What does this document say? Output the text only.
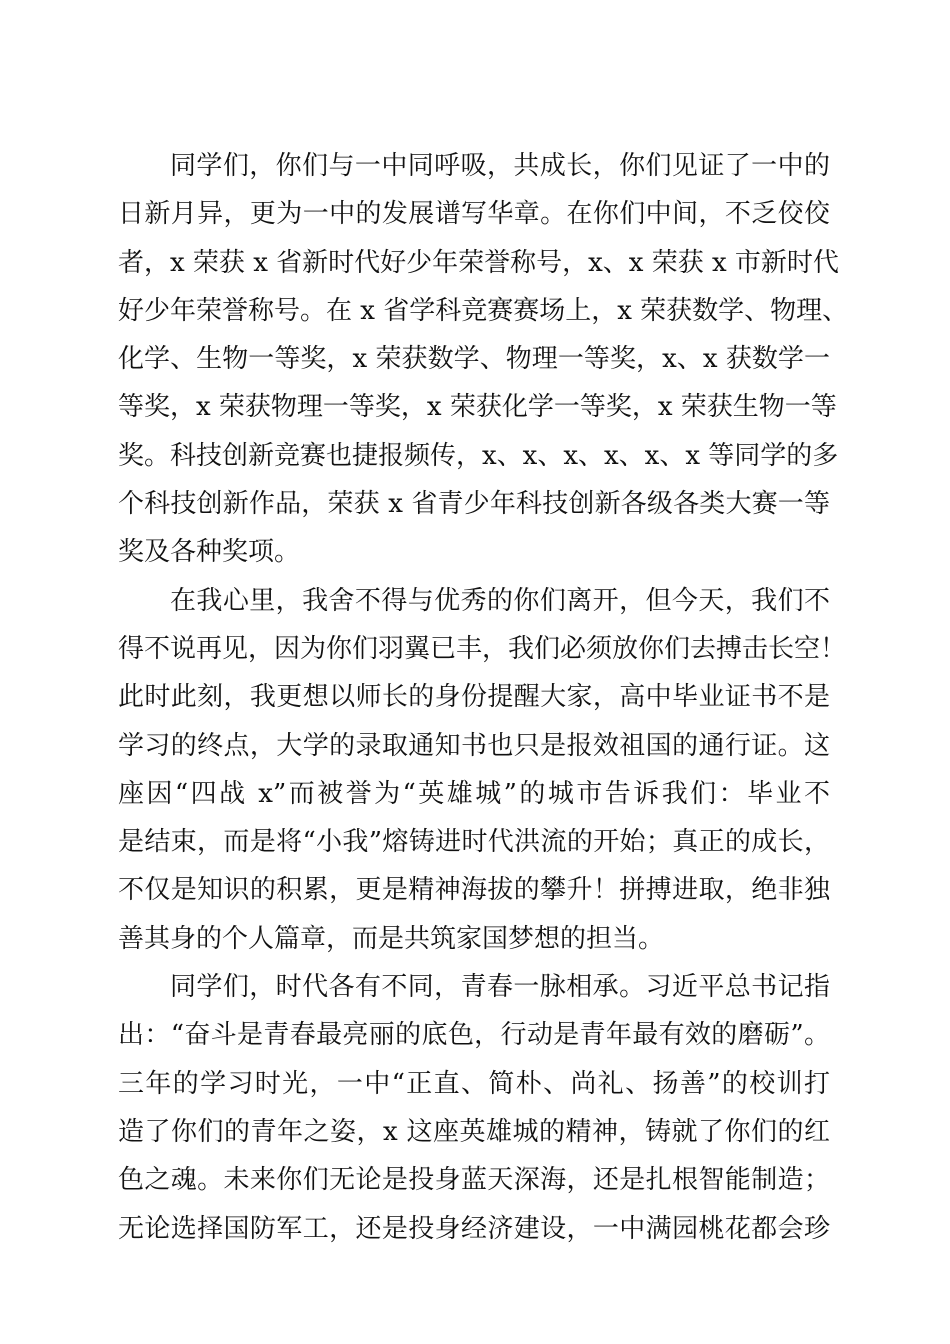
同学们，你们与一中同呼吸，共成长，你们见证了一中的
日新月异，更为一中的发展谱写华章。在你们中间，不乏佼佼
者，x 荣获 x 省新时代好少年荣誉称号，x、x 荣获 x 市新时代
好少年荣誉称号。在 x 省学科竞赛赛场上，x 荣获数学、物理、
化学、生物一等奖，x 荣获数学、物理一等奖，x、x 获数学一
等奖，x 荣获物理一等奖，x 荣获化学一等奖，x 荣获生物一等
奖。科技创新竞赛也捷报频传，x、x、x、x、x、x 等同学的多
个科技创新作品，荣获 x 省青少年科技创新各级各类大赛一等
奖及各种奖项。
在我心里，我舍不得与优秀的你们离开，但今天，我们不
得不说再见，因为你们羽翼已丰，我们必须放你们去搏击长空！
此时此刻，我更想以师长的身份提醒大家，高中毕业证书不是
学习的终点，大学的录取通知书也只是报效祖国的通行证。这
座因“四战 x”而被誉为“英雄城”的城市告诉我们：毕业不
是结束，而是将“小我”熔铸进时代洪流的开始；真正的成长，
不仅是知识的积累，更是精神海拔的攀升！拼搏进取，绝非独
善其身的个人篇章，而是共筑家国梦想的担当。
同学们，时代各有不同，青春一脉相承。习近平总书记指
出：“奋斗是青春最亮丽的底色，行动是青年最有效的磨砺”。
三年的学习时光，一中“正直、简朴、尚礼、扬善”的校训打
造了你们的青年之姿，x 这座英雄城的精神，铸就了你们的红
色之魂。未来你们无论是投身蓝天深海，还是扎根智能制造；
无论选择国防军工，还是投身经济建设，一中满园桃花都会珍
